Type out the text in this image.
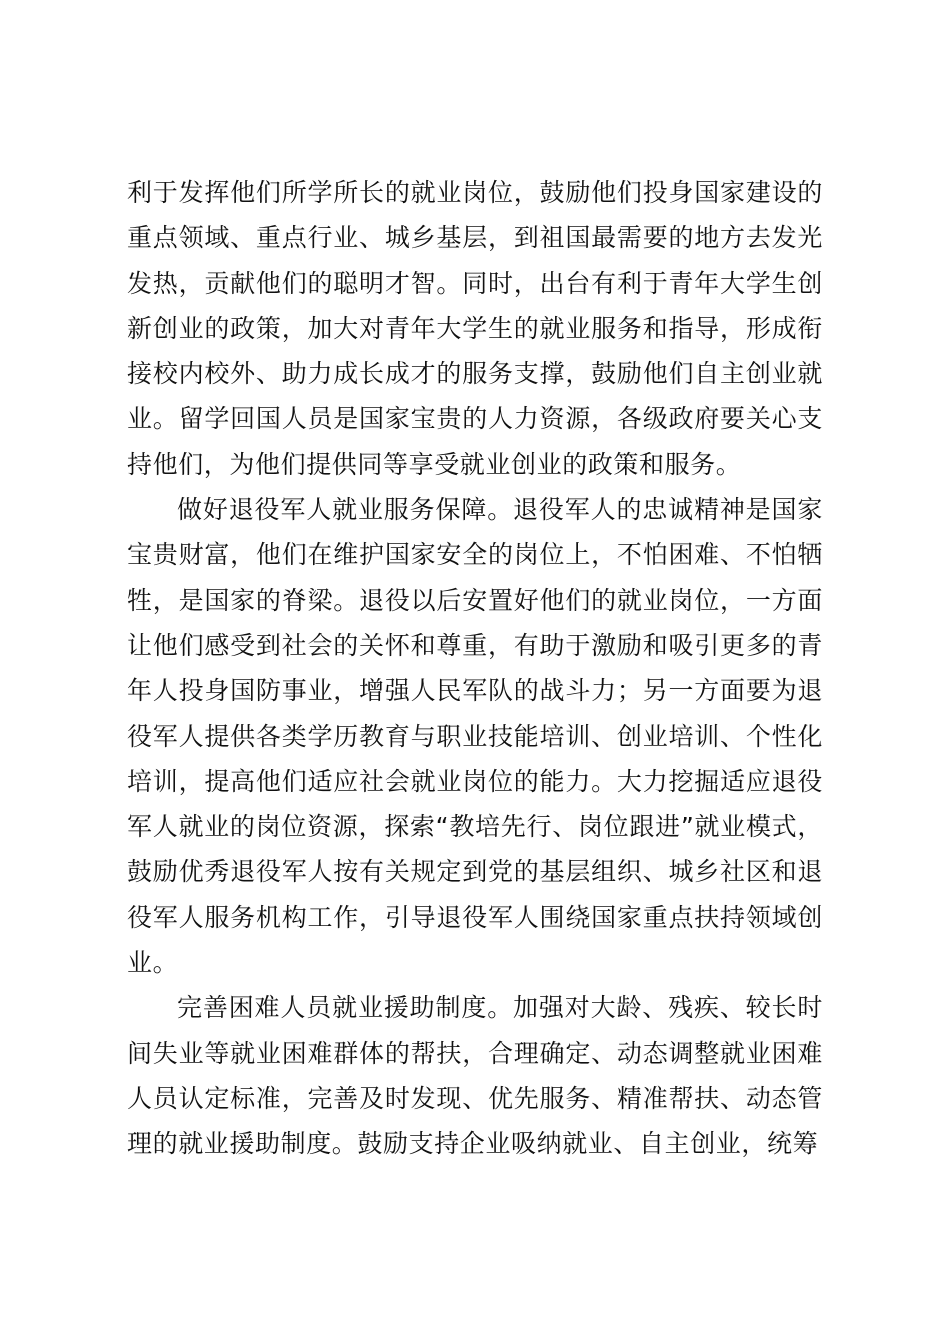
利于发挥他们所学所长的就业岗位，鼓励他们投身国家建设的重点领域、重点行业、城乡基层，到祖国最需要的地方去发光发热，贡献他们的聪明才智。同时，出台有利于青年大学生创新创业的政策，加大对青年大学生的就业服务和指导，形成衔接校内校外、助力成长成才的服务支撑，鼓励他们自主创业就业。留学回国人员是国家宝贵的人力资源，各级政府要关心支持他们，为他们提供同等享受就业创业的政策和服务。

做好退役军人就业服务保障。退役军人的忠诚精神是国家宝贵财富，他们在维护国家安全的岗位上，不怕困难、不怕牺牲，是国家的脊梁。退役以后安置好他们的就业岗位，一方面让他们感受到社会的关怀和尊重，有助于激励和吸引更多的青年人投身国防事业，增强人民军队的战斗力；另一方面要为退役军人提供各类学历教育与职业技能培训、创业培训、个性化培训，提高他们适应社会就业岗位的能力。大力挖掘适应退役军人就业的岗位资源，探索“教培先行、岗位跟进”就业模式，鼓励优秀退役军人按有关规定到党的基层组织、城乡社区和退役军人服务机构工作，引导退役军人围绕国家重点扶持领域创业。

完善困难人员就业援助制度。加强对大龄、残疾、较长时间失业等就业困难群体的帮扶，合理确定、动态调整就业困难人员认定标准，完善及时发现、优先服务、精准帮扶、动态管理的就业援助制度。鼓励支持企业吸纳就业、自主创业，统筹
